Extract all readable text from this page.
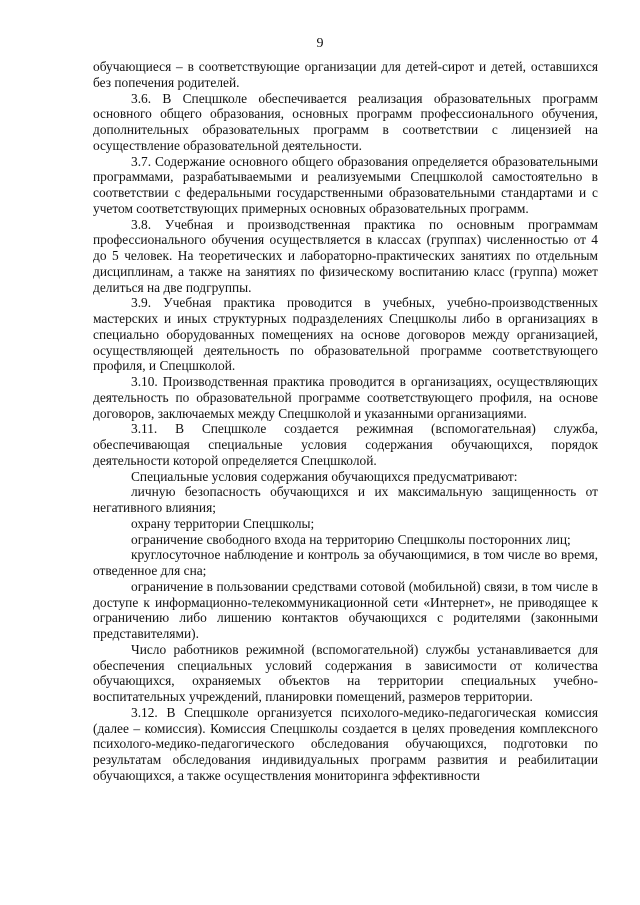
9

обучающиеся – в соответствующие организации для детей-сирот и детей, оставшихся без попечения родителей.

3.6. В Спецшколе обеспечивается реализация образовательных программ основного общего образования, основных программ профессионального обучения, дополнительных образовательных программ в соответствии с лицензией на осуществление образовательной деятельности.

3.7. Содержание основного общего образования определяется образовательными программами, разрабатываемыми и реализуемыми Спецшколой самостоятельно в соответствии с федеральными государственными образовательными стандартами и с учетом соответствующих примерных основных образовательных программ.

3.8. Учебная и производственная практика по основным программам профессионального обучения осуществляется в классах (группах) численностью от 4 до 5 человек. На теоретических и лабораторно-практических занятиях по отдельным дисциплинам, а также на занятиях по физическому воспитанию класс (группа) может делиться на две подгруппы.

3.9. Учебная практика проводится в учебных, учебно-производственных мастерских и иных структурных подразделениях Спецшколы либо в организациях в специально оборудованных помещениях на основе договоров между организацией, осуществляющей деятельность по образовательной программе соответствующего профиля, и Спецшколой.

3.10. Производственная практика проводится в организациях, осуществляющих деятельность по образовательной программе соответствующего профиля, на основе договоров, заключаемых между Спецшколой и указанными организациями.

3.11. В Спецшколе создается режимная (вспомогательная) служба, обеспечивающая специальные условия содержания обучающихся, порядок деятельности которой определяется Спецшколой.

Специальные условия содержания обучающихся предусматривают:

личную безопасность обучающихся и их максимальную защищенность от негативного влияния;

охрану территории Спецшколы;

ограничение свободного входа на территорию Спецшколы посторонних лиц;

круглосуточное наблюдение и контроль за обучающимися, в том числе во время, отведенное для сна;

ограничение в пользовании средствами сотовой (мобильной) связи, в том числе в доступе к информационно-телекоммуникационной сети «Интернет», не приводящее к ограничению либо лишению контактов обучающихся с родителями (законными представителями).

Число работников режимной (вспомогательной) службы устанавливается для обеспечения специальных условий содержания в зависимости от количества обучающихся, охраняемых объектов на территории специальных учебно-воспитательных учреждений, планировки помещений, размеров территории.

3.12. В Спецшколе организуется психолого-медико-педагогическая комиссия (далее – комиссия). Комиссия Спецшколы создается в целях проведения комплексного психолого-медико-педагогического обследования обучающихся, подготовки по результатам обследования индивидуальных программ развития и реабилитации обучающихся, а также осуществления мониторинга эффективности
